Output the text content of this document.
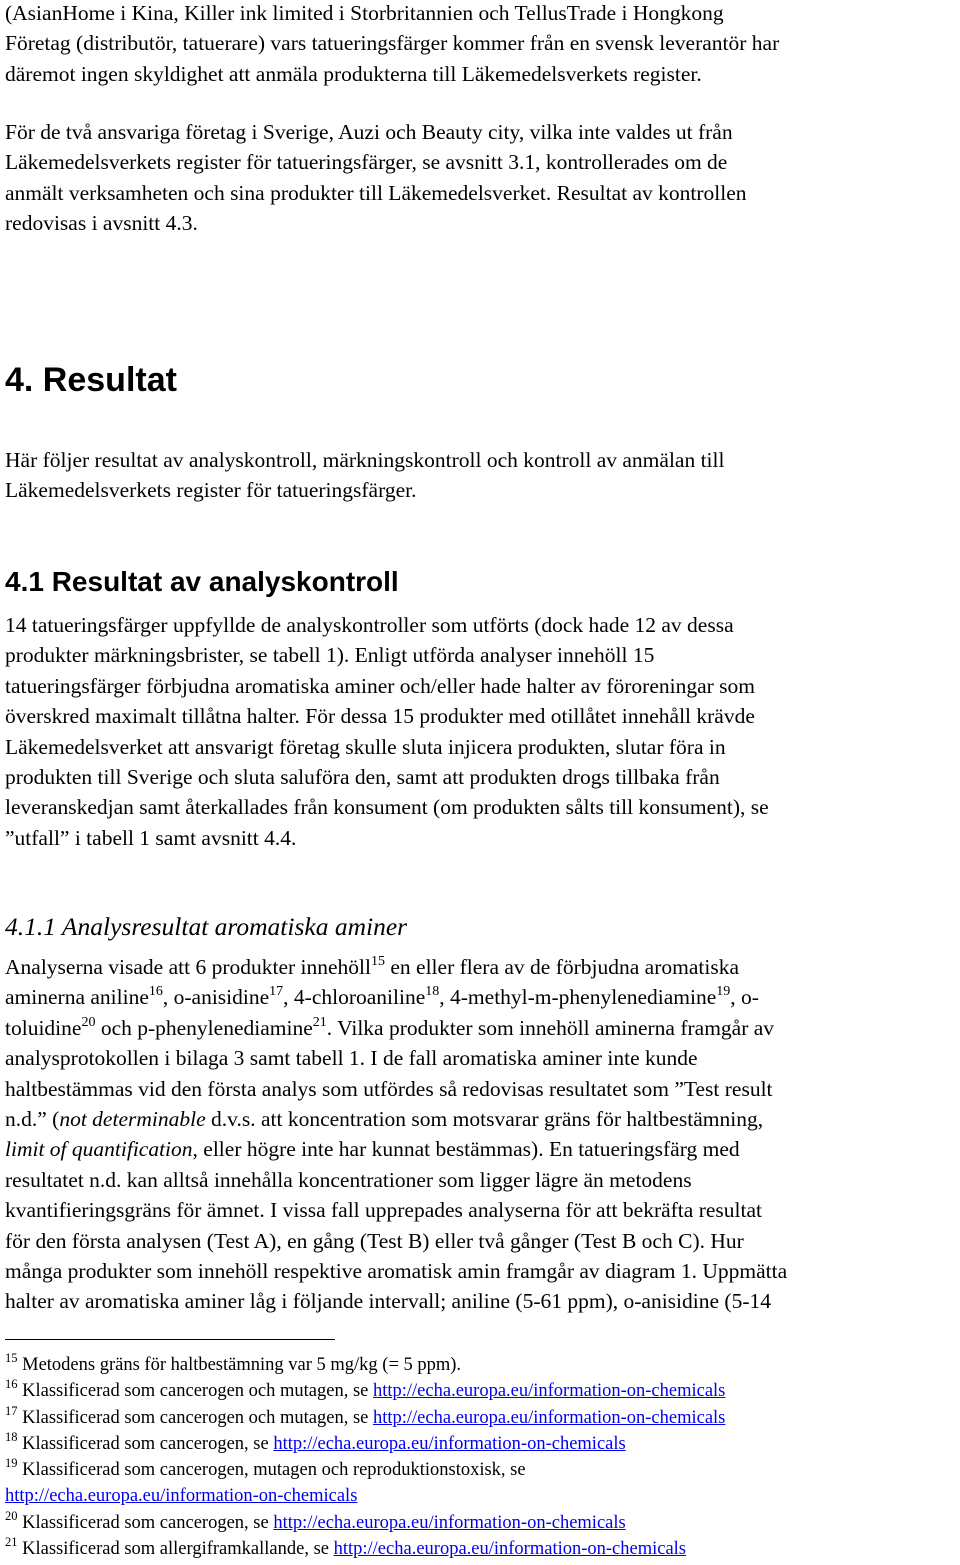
(AsianHome i Kina, Killer ink limited i Storbritannien och TellusTrade i Hongkong
Företag (distributör, tatuerare) vars tatueringsfärger kommer från en svensk leverantör har
däremot ingen skyldighet att anmäla produkterna till Läkemedelsverkets register.

För de två ansvariga företag i Sverige, Auzi och Beauty city, vilka inte valdes ut från
Läkemedelsverkets register för tatueringsfärger, se avsnitt 3.1, kontrollerades om de
anmält verksamheten och sina produkter till Läkemedelsverket. Resultat av kontrollen
redovisas i avsnitt 4.3.

4. Resultat

Här följer resultat av analyskontroll, märkningskontroll och kontroll av anmälan till
Läkemedelsverkets register för tatueringsfärger.

4.1 Resultat av analyskontroll

14 tatueringsfärger uppfyllde de analyskontroller som utförts (dock hade 12 av dessa
produkter märkningsbrister, se tabell 1). Enligt utförda analyser innehöll 15
tatueringsfärger förbjudna aromatiska aminer och/eller hade halter av föroreningar som
överskred maximalt tillåtna halter. För dessa 15 produkter med otillåtet innehåll krävde
Läkemedelsverket att ansvarigt företag skulle sluta injicera produkten, slutar föra in
produkten till Sverige och sluta saluföra den, samt att produkten drogs tillbaka från
leveranskedjan samt återkallades från konsument (om produkten sålts till konsument), se
”utfall” i tabell 1 samt avsnitt 4.4.

4.1.1 Analysresultat aromatiska aminer

Analyserna visade att 6 produkter innehöll$^{15}$ en eller flera av de förbjudna aromatiska
aminerna aniline$^{16}$, o-anisidine$^{17}$, 4-chloroaniline$^{18}$, 4-methyl-m-phenylenediamine$^{19}$, o-
toluidine$^{20}$ och p-phenylenediamine$^{21}$. Vilka produkter som innehöll aminerna framgår av
analysprotokollen i bilaga 3 samt tabell 1. I de fall aromatiska aminer inte kunde
haltbestämmas vid den första analys som utfördes så redovisas resultatet som ”Test result
n.d.” (not determinable d.v.s. att koncentration som motsvarar gräns för haltbestämning,
limit of quantification, eller högre inte har kunnat bestämmas). En tatueringsfärg med
resultatet n.d. kan alltså innehålla koncentrationer som ligger lägre än metodens
kvantifieringsgräns för ämnet. I vissa fall upprepades analyserna för att bekräfta resultat
för den första analysen (Test A), en gång (Test B) eller två gånger (Test B och C). Hur
många produkter som innehöll respektive aromatisk amin framgår av diagram 1. Uppmätta
halter av aromatiska aminer låg i följande intervall; aniline (5-61 ppm), o-anisidine (5-14

$^{15}$ Metodens gräns för haltbestämning var 5 mg/kg (= 5 ppm).
$^{16}$ Klassificerad som cancerogen och mutagen, se http://echa.europa.eu/information-on-chemicals
$^{17}$ Klassificerad som cancerogen och mutagen, se http://echa.europa.eu/information-on-chemicals
$^{18}$ Klassificerad som cancerogen, se http://echa.europa.eu/information-on-chemicals
$^{19}$ Klassificerad som cancerogen, mutagen och reproduktionstoxisk, se
http://echa.europa.eu/information-on-chemicals
$^{20}$ Klassificerad som cancerogen, se http://echa.europa.eu/information-on-chemicals
$^{21}$ Klassificerad som allergiframkallande, se http://echa.europa.eu/information-on-chemicals
